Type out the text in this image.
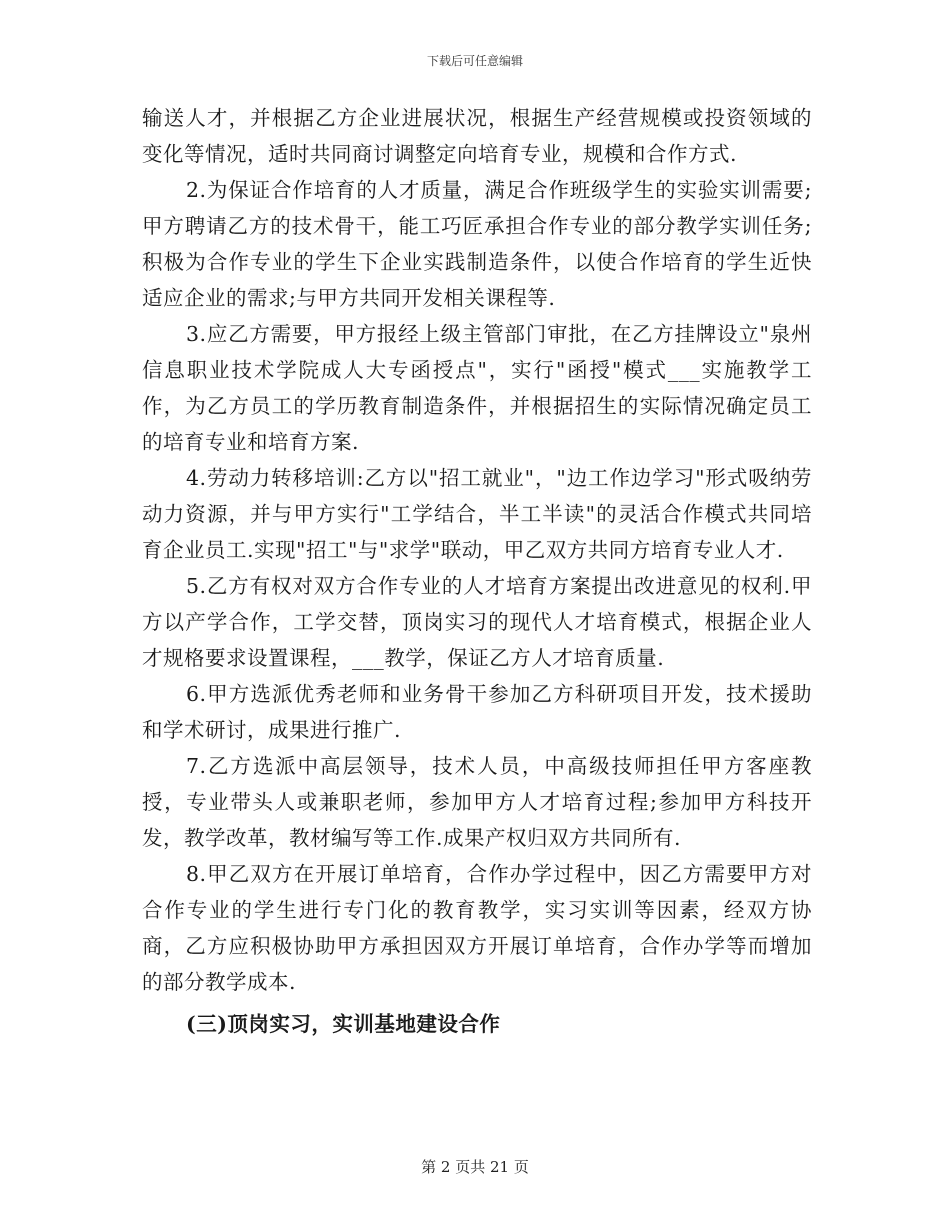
下载后可任意编辑

输送人才，并根据乙方企业进展状况，根据生产经营规模或投资领域的变化等情况，适时共同商讨调整定向培育专业，规模和合作方式.

2.为保证合作培育的人才质量，满足合作班级学生的实验实训需要;甲方聘请乙方的技术骨干，能工巧匠承担合作专业的部分教学实训任务;积极为合作专业的学生下企业实践制造条件，以使合作培育的学生近快适应企业的需求;与甲方共同开发相关课程等.

3.应乙方需要，甲方报经上级主管部门审批，在乙方挂牌设立"泉州信息职业技术学院成人大专函授点"，实行"函授"模式___实施教学工作，为乙方员工的学历教育制造条件，并根据招生的实际情况确定员工的培育专业和培育方案.

4.劳动力转移培训:乙方以"招工就业"，"边工作边学习"形式吸纳劳动力资源，并与甲方实行"工学结合，半工半读"的灵活合作模式共同培育企业员工.实现"招工"与"求学"联动，甲乙双方共同方培育专业人才.

5.乙方有权对双方合作专业的人才培育方案提出改进意见的权利.甲方以产学合作，工学交替，顶岗实习的现代人才培育模式，根据企业人才规格要求设置课程，___教学，保证乙方人才培育质量.

6.甲方选派优秀老师和业务骨干参加乙方科研项目开发，技术援助和学术研讨，成果进行推广.

7.乙方选派中高层领导，技术人员，中高级技师担任甲方客座教授，专业带头人或兼职老师，参加甲方人才培育过程;参加甲方科技开发，教学改革，教材编写等工作.成果产权归双方共同所有.

8.甲乙双方在开展订单培育，合作办学过程中，因乙方需要甲方对合作专业的学生进行专门化的教育教学，实习实训等因素，经双方协商，乙方应积极协助甲方承担因双方开展订单培育，合作办学等而增加的部分教学成本.

(三)顶岗实习，实训基地建设合作

第 2 页共 21 页
